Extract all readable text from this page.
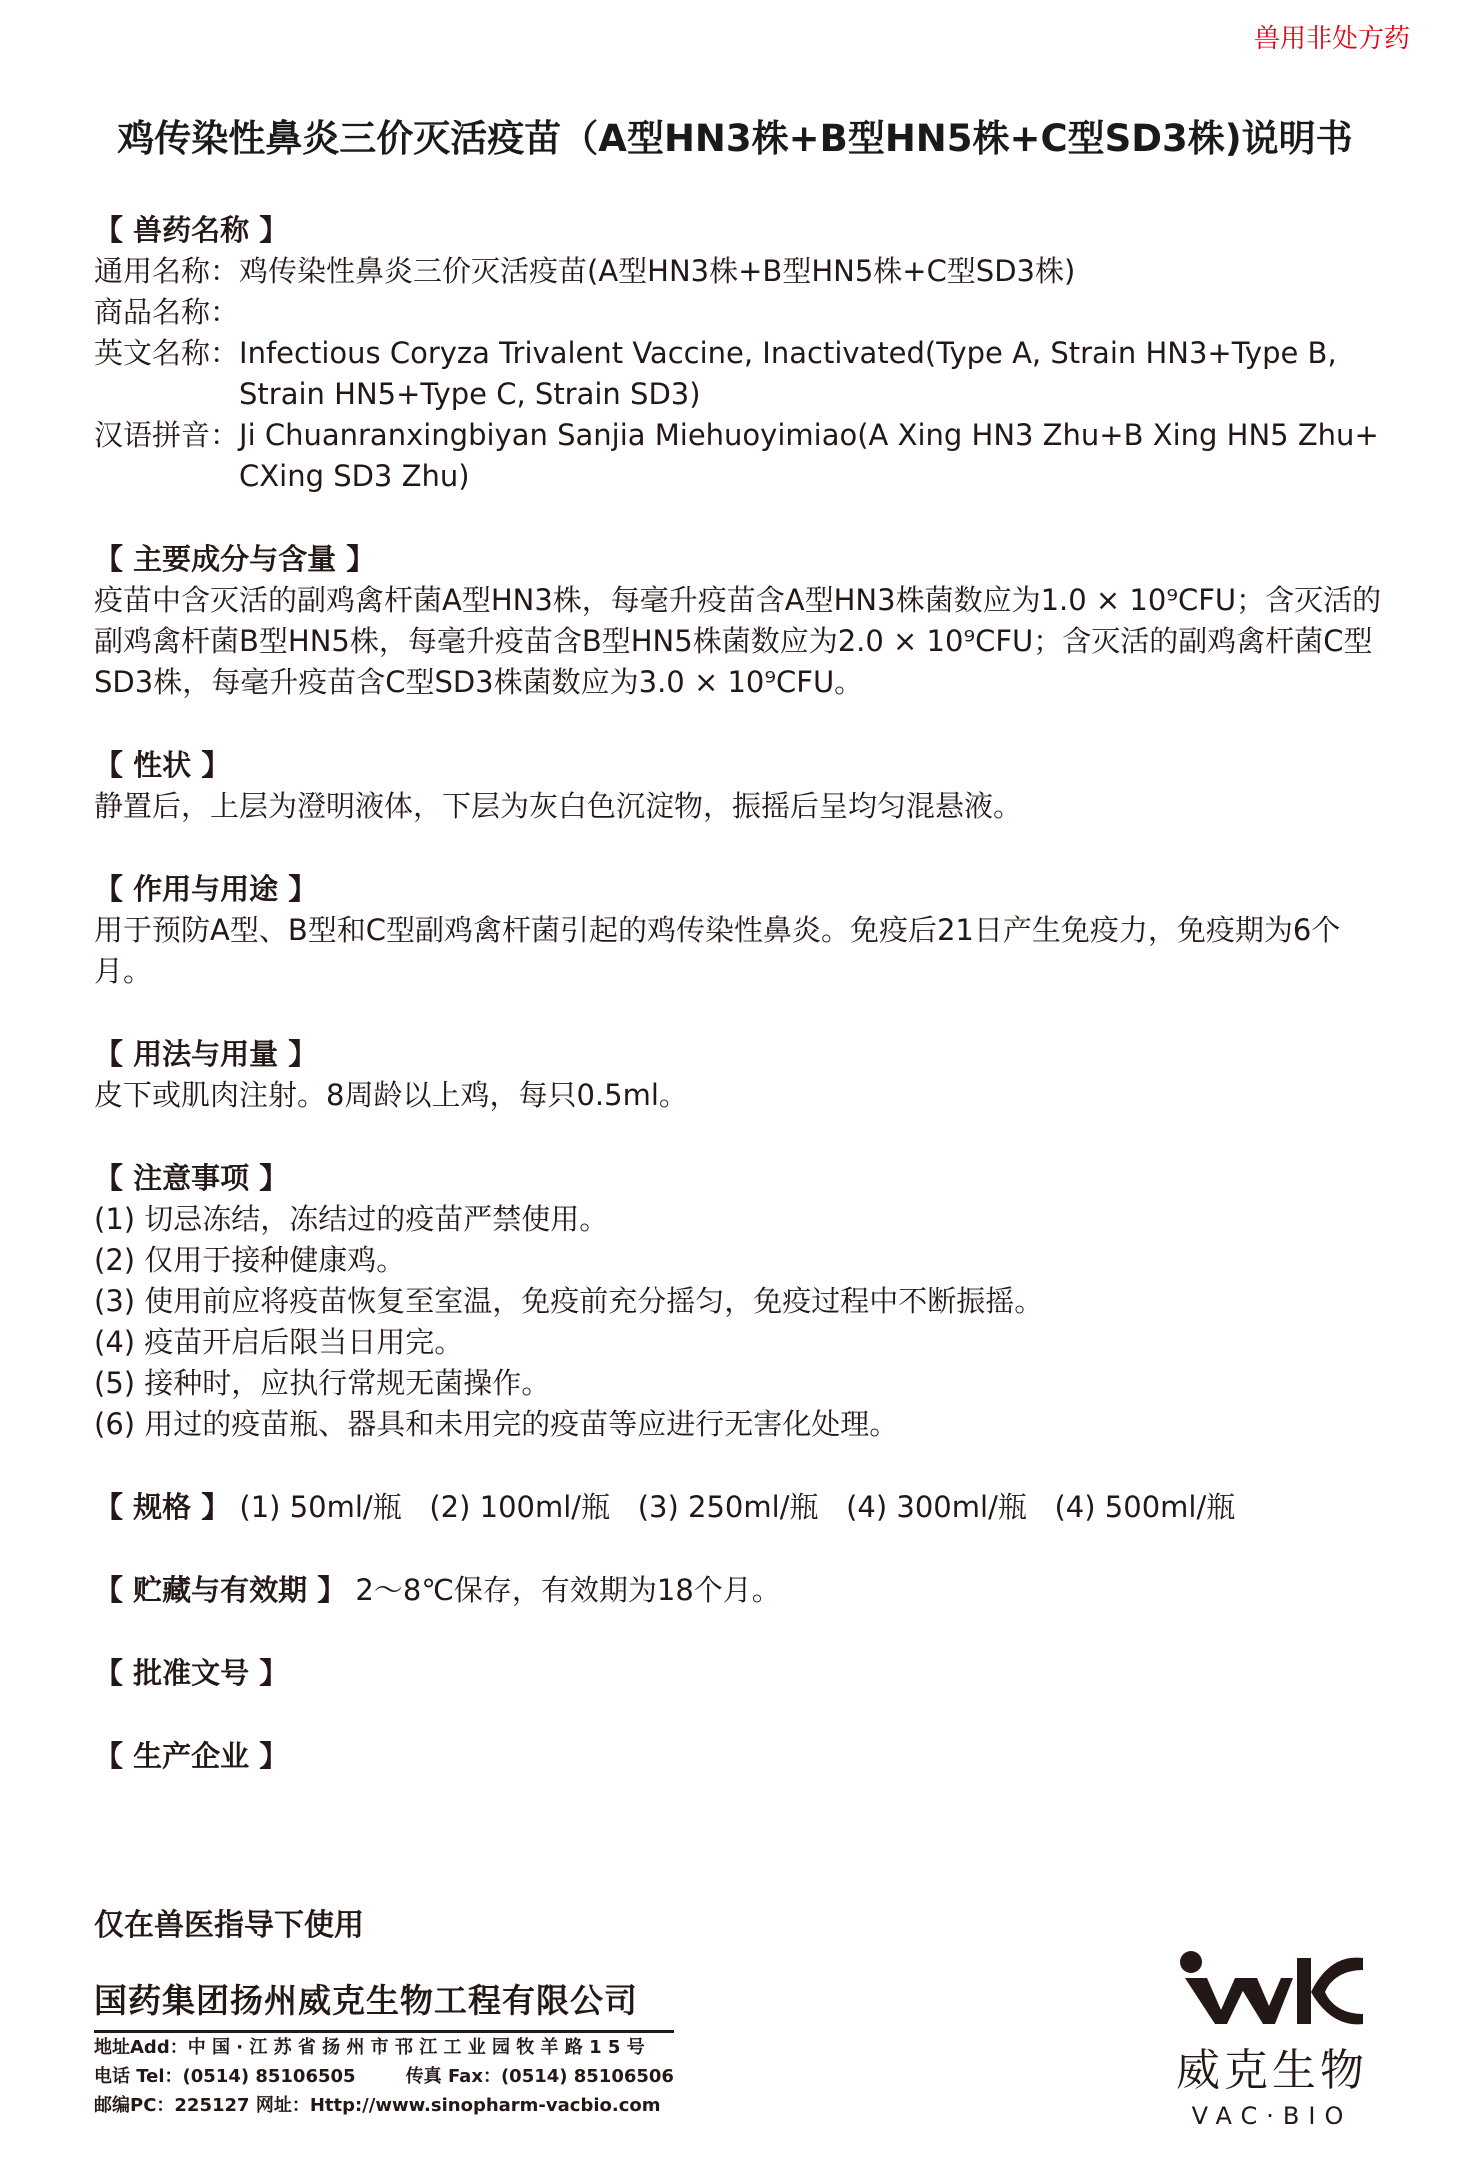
兽用非处方药
鸡传染性鼻炎三价灭活疫苗（A型HN3株+B型HN5株+C型SD3株)说明书
【 兽药名称 】
通用名称： 鸡传染性鼻炎三价灭活疫苗(A型HN3株+B型HN5株+C型SD3株)
商品名称：
英文名称： Infectious Coryza Trivalent Vaccine, Inactivated(Type A, Strain HN3+Type B, Strain HN5+Type C, Strain SD3)
汉语拼音： Ji Chuanranxingbiyan Sanjia Miehuoyimiao(A Xing HN3 Zhu+B Xing HN5 Zhu+ CXing SD3 Zhu)
【 主要成分与含量 】

疫苗中含灭活的副鸡禽杆菌A型HN3株，每毫升疫苗含A型HN3株菌数应为1.0 × 10⁹CFU；含灭活的副鸡禽杆菌B型HN5株，每毫升疫苗含B型HN5株菌数应为2.0 × 10⁹CFU；含灭活的副鸡禽杆菌C型SD3株，每毫升疫苗含C型SD3株菌数应为3.0 × 10⁹CFU。

【 性状 】

静置后，上层为澄明液体，下层为灰白色沉淀物，振摇后呈均匀混悬液。

【 作用与用途 】

用于预防A型、B型和C型副鸡禽杆菌引起的鸡传染性鼻炎。免疫后21日产生免疫力，免疫期为6个月。

【 用法与用量 】

皮下或肌肉注射。8周龄以上鸡，每只0.5ml。

【 注意事项 】

(1) 切忌冻结，冻结过的疫苗严禁使用。

(2) 仅用于接种健康鸡。

(3) 使用前应将疫苗恢复至室温，免疫前充分摇匀，免疫过程中不断振摇。

(4) 疫苗开启后限当日用完。

(5) 接种时，应执行常规无菌操作。

(6) 用过的疫苗瓶、器具和未用完的疫苗等应进行无害化处理。

【 规格 】 (1) 50ml/瓶   (2) 100ml/瓶   (3) 250ml/瓶   (4) 300ml/瓶   (4) 500ml/瓶

【 贮藏与有效期 】 2～8℃保存，有效期为18个月。

【 批准文号 】
【 生产企业 】
仅在兽医指导下使用
国药集团扬州威克生物工程有限公司
地址Add：中 国 · 江 苏 省 扬 州 市 邗 江 工 业 园 牧 羊 路 1 5 号
电话 Tel：(0514) 85106505        传真 Fax：(0514) 85106506
邮编PC：225127 网址：Http://www.sinopharm-vacbio.com
威克生物
VAC·BIO
